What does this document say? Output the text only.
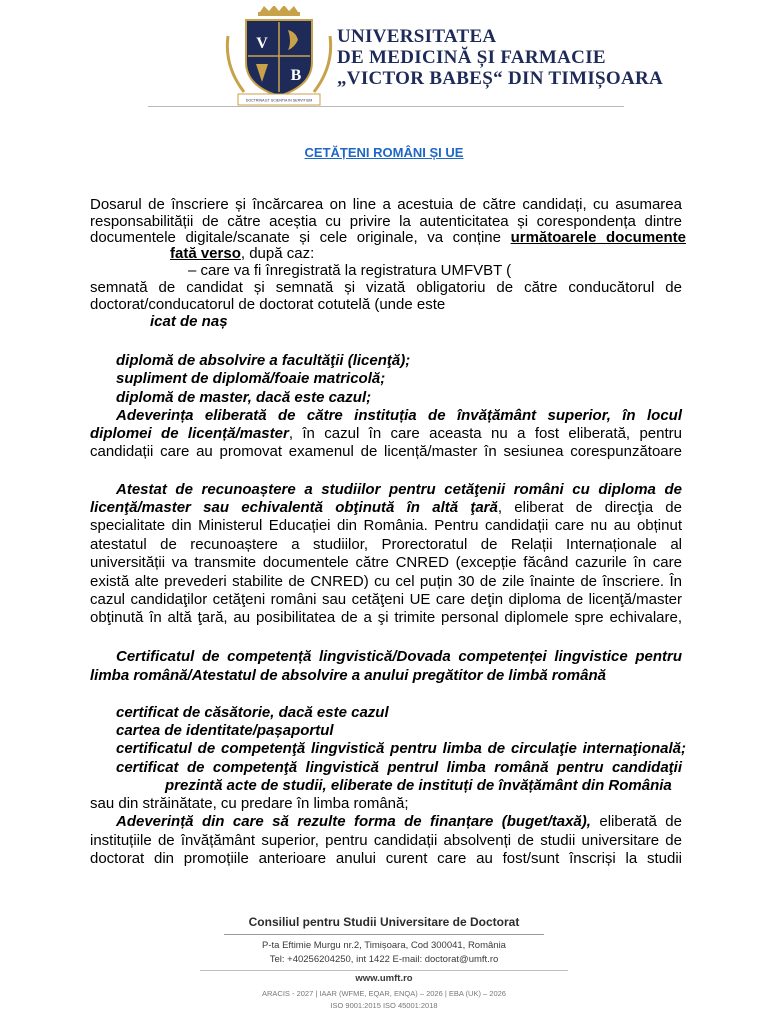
V
B
DOCTRINA ET SCIENTIA IN SERVITIUM
UNIVERSITATEA
DE MEDICINĂ ȘI FARMACIE
„VICTOR BABEȘ“ DIN TIMIȘOARA
CETĂȚENI ROMÂNI ȘI UE
Dosarul de înscriere și încărcarea on line a acestuia de către candidați, cu asumarea
responsabilității de către aceștia cu privire la autenticitatea și corespondența dintre
documentele digitale/scanate și cele originale, va conține următoarele documente
fată verso, după caz:
– care va fi înregistrată la registratura UMFVBT (
semnată de candidat și semnată și vizată obligatoriu de către conducătorul de
doctorat/conducatorul de doctorat cotutelă (unde este
icat de naș
diplomă de absolvire a facultăţii (licenţă);
supliment de diplomă/foaie matricolă;
diplomă de master, dacă este cazul;
Adeverința eliberată de către instituția de învățământ superior, în locul
diplomei de licență/master, în cazul în care aceasta nu a fost eliberată, pentru
candidații care au promovat examenul de licență/master în sesiunea corespunzătoare
Atestat de recunoaștere a studiilor pentru cetăţenii români cu diploma de
licenţă/master sau echivalentă obţinută în altă ţară, eliberat de direcţia de
specialitate din Ministerul Educației din România. Pentru candidații care nu au obținut
atestatul de recunoaștere a studiilor, Prorectoratul de Relații Internaționale al
universității va transmite documentele către CNRED (excepție făcând cazurile în care
există alte prevederi stabilite de CNRED) cu cel puțin 30 de zile înainte de înscriere. În
cazul candidaţilor cetăţeni români sau cetăţeni UE care deţin diploma de licenţă/master
obţinută în altă ţară, au posibilitatea de a şi trimite personal diplomele spre echivalare,
Certificatul de competență lingvistică/Dovada competenței lingvistice pentru
limba română/Atestatul de absolvire a anului pregătitor de limbă română
certificat de căsătorie, dacă este cazul
cartea de identitate/pașaportul
certificatul de competenţă lingvistică pentru limba de circulaţie internaţională;
certificat de competenţă lingvistică pentrul limba română pentru candidaţii
prezintă acte de studii, eliberate de instituți de învățământ din România
sau din străinătate, cu predare în limba română;
Adeverință din care să rezulte forma de finanțare (buget/taxă), eliberată de
instituțiile de învățământ superior, pentru candidații absolvenți de studii universitare de
doctorat din promoțiile anterioare anului curent care au fost/sunt înscriși la studii
Consiliul pentru Studii Universitare de Doctorat
P-ta Eftimie Murgu nr.2, Timișoara, Cod 300041, România
Tel: +40256204250, int 1422 E-mail: doctorat@umft.ro
www.umft.ro
ARACIS - 2027 | IAAR (WFME, EQAR, ENQA) – 2026 | EBA (UK) – 2026
ISO 9001:2015 ISO 45001:2018
